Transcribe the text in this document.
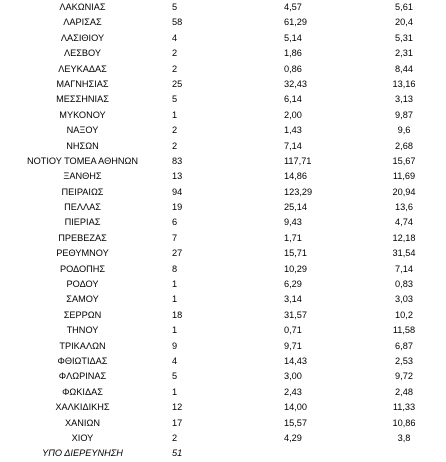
ΛΑΚΩΝΙΑΣ	5	4,57	5,61
ΛΑΡΙΣΑΣ	58	61,29	20,4
ΛΑΣΙΘΙΟΥ	4	5,14	5,31
ΛΕΣΒΟΥ	2	1,86	2,31
ΛΕΥΚΑΔΑΣ	2	0,86	8,44
ΜΑΓΝΗΣΙΑΣ	25	32,43	13,16
ΜΕΣΣΗΝΙΑΣ	5	6,14	3,13
ΜΥΚΟΝΟΥ	1	2,00	9,87
ΝΑΞΟΥ	2	1,43	9,6
ΝΗΣΩΝ	2	7,14	2,68
ΝΟΤΙΟΥ ΤΟΜΕΑ ΑΘΗΝΩΝ	83	117,71	15,67
ΞΑΝΘΗΣ	13	14,86	11,69
ΠΕΙΡΑΙΩΣ	94	123,29	20,94
ΠΕΛΛΑΣ	19	25,14	13,6
ΠΙΕΡΙΑΣ	6	9,43	4,74
ΠΡΕΒΕΖΑΣ	7	1,71	12,18
ΡΕΘΥΜΝΟΥ	27	15,71	31,54
ΡΟΔΟΠΗΣ	8	10,29	7,14
ΡΟΔΟΥ	1	6,29	0,83
ΣΑΜΟΥ	1	3,14	3,03
ΣΕΡΡΩΝ	18	31,57	10,2
ΤΗΝΟΥ	1	0,71	11,58
ΤΡΙΚΑΛΩΝ	9	9,71	6,87
ΦΘΙΩΤΙΔΑΣ	4	14,43	2,53
ΦΛΩΡΙΝΑΣ	5	3,00	9,72
ΦΩΚΙΔΑΣ	1	2,43	2,48
ΧΑΛΚΙΔΙΚΗΣ	12	14,00	11,33
ΧΑΝΙΩΝ	17	15,57	10,86
ΧΙΟΥ	2	4,29	3,8
ΥΠΟ ΔΙΕΡΕΥΝΗΣΗ	51
